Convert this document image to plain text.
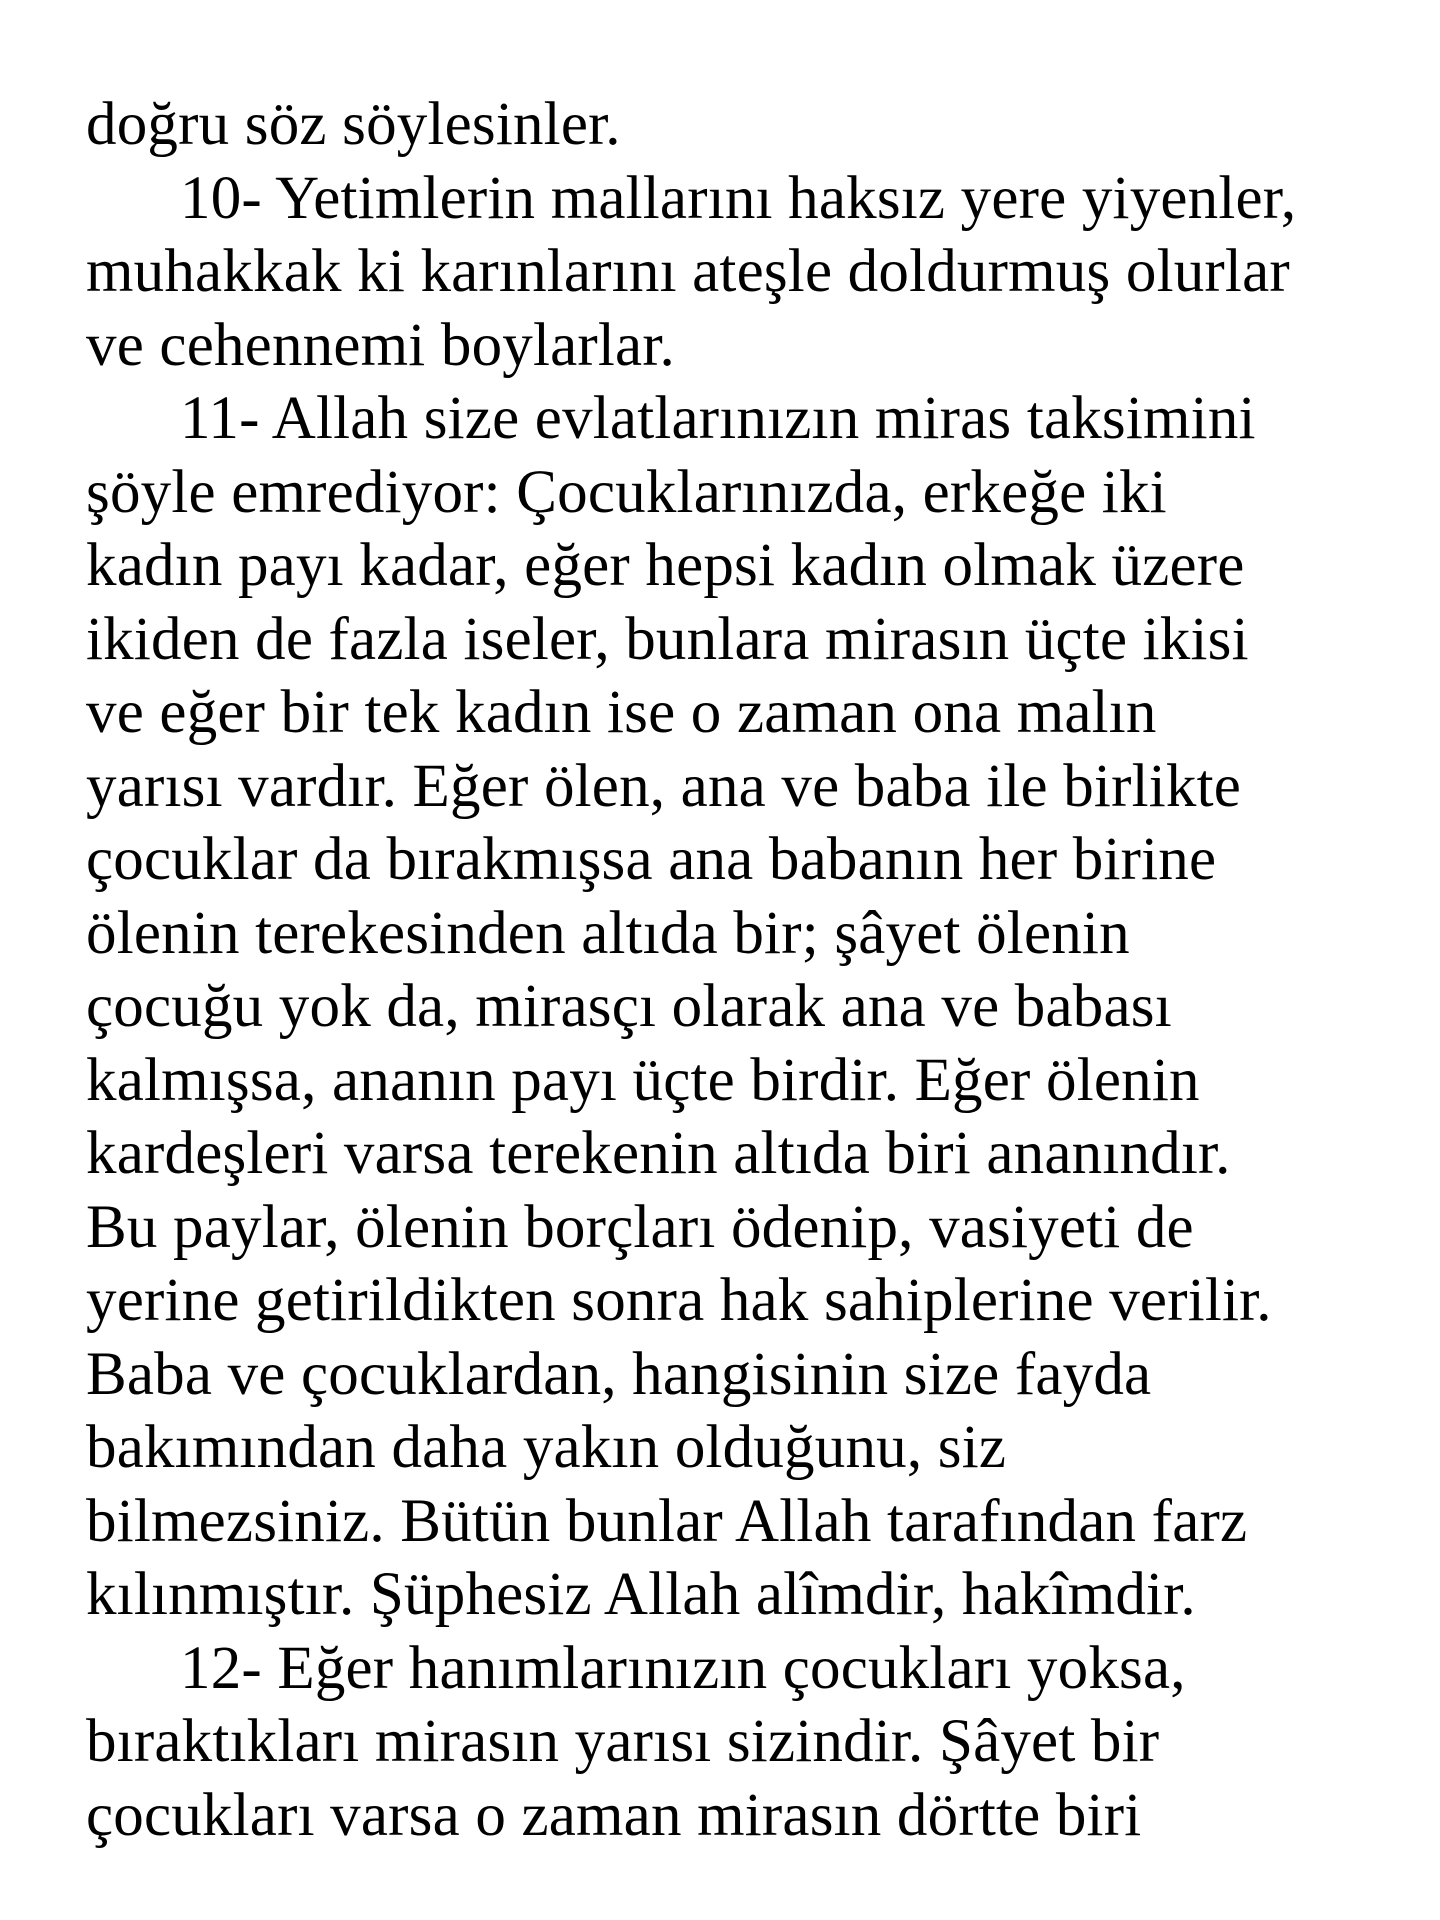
doğru söz söylesinler.
10- Yetimlerin mallarını haksız yere yiyenler,
muhakkak ki karınlarını ateşle doldurmuş olurlar
ve cehennemi boylarlar.
11- Allah size evlatlarınızın miras taksimini
şöyle emrediyor: Çocuklarınızda, erkeğe iki
kadın payı kadar, eğer hepsi kadın olmak üzere
ikiden de fazla iseler, bunlara mirasın üçte ikisi
ve eğer bir tek kadın ise o zaman ona malın
yarısı vardır. Eğer ölen, ana ve baba ile birlikte
çocuklar da bırakmışsa ana babanın her birine
ölenin terekesinden altıda bir; şâyet ölenin
çocuğu yok da, mirasçı olarak ana ve babası
kalmışsa, ananın payı üçte birdir. Eğer ölenin
kardeşleri varsa terekenin altıda biri ananındır.
Bu paylar, ölenin borçları ödenip, vasiyeti de
yerine getirildikten sonra hak sahiplerine verilir.
Baba ve çocuklardan, hangisinin size fayda
bakımından daha yakın olduğunu, siz
bilmezsiniz. Bütün bunlar Allah tarafından farz
kılınmıştır. Şüphesiz Allah alîmdir, hakîmdir.
12- Eğer hanımlarınızın çocukları yoksa,
bıraktıkları mirasın yarısı sizindir. Şâyet bir
çocukları varsa o zaman mirasın dörtte biri
